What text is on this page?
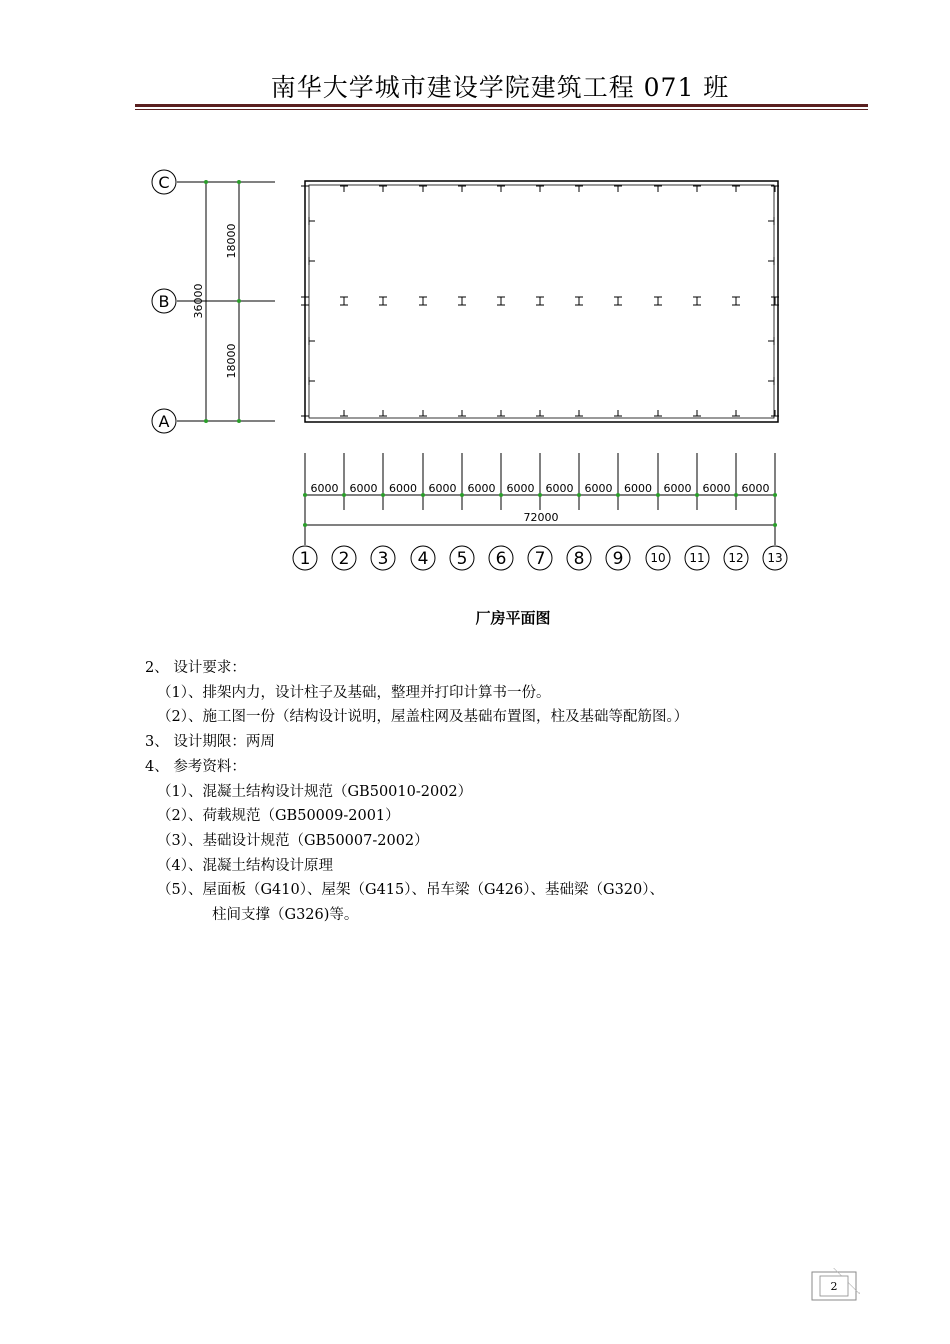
南华大学城市建设学院建筑工程 071 班
C
B
A
18000
18000
36000
6000 6000 6000 6000 6000 6000 6000 6000 6000 6000 6000 6000
72000
1 2 3 4 5 6 7 8 9 10 11 12 13
厂房平面图
2、 设计要求：
（1）、排架内力，设计柱子及基础，整理并打印计算书一份。
（2）、施工图一份（结构设计说明，屋盖柱网及基础布置图，柱及基础等配筋图。）
3、 设计期限：两周
4、 参考资料：
（1）、混凝土结构设计规范（GB50010-2002）
（2）、荷载规范（GB50009-2001）
（3）、基础设计规范（GB50007-2002）
（4）、混凝土结构设计原理
（5）、屋面板（G410）、屋架（G415）、吊车梁（G426）、基础梁（G320）、
柱间支撑（G326)等。
2
